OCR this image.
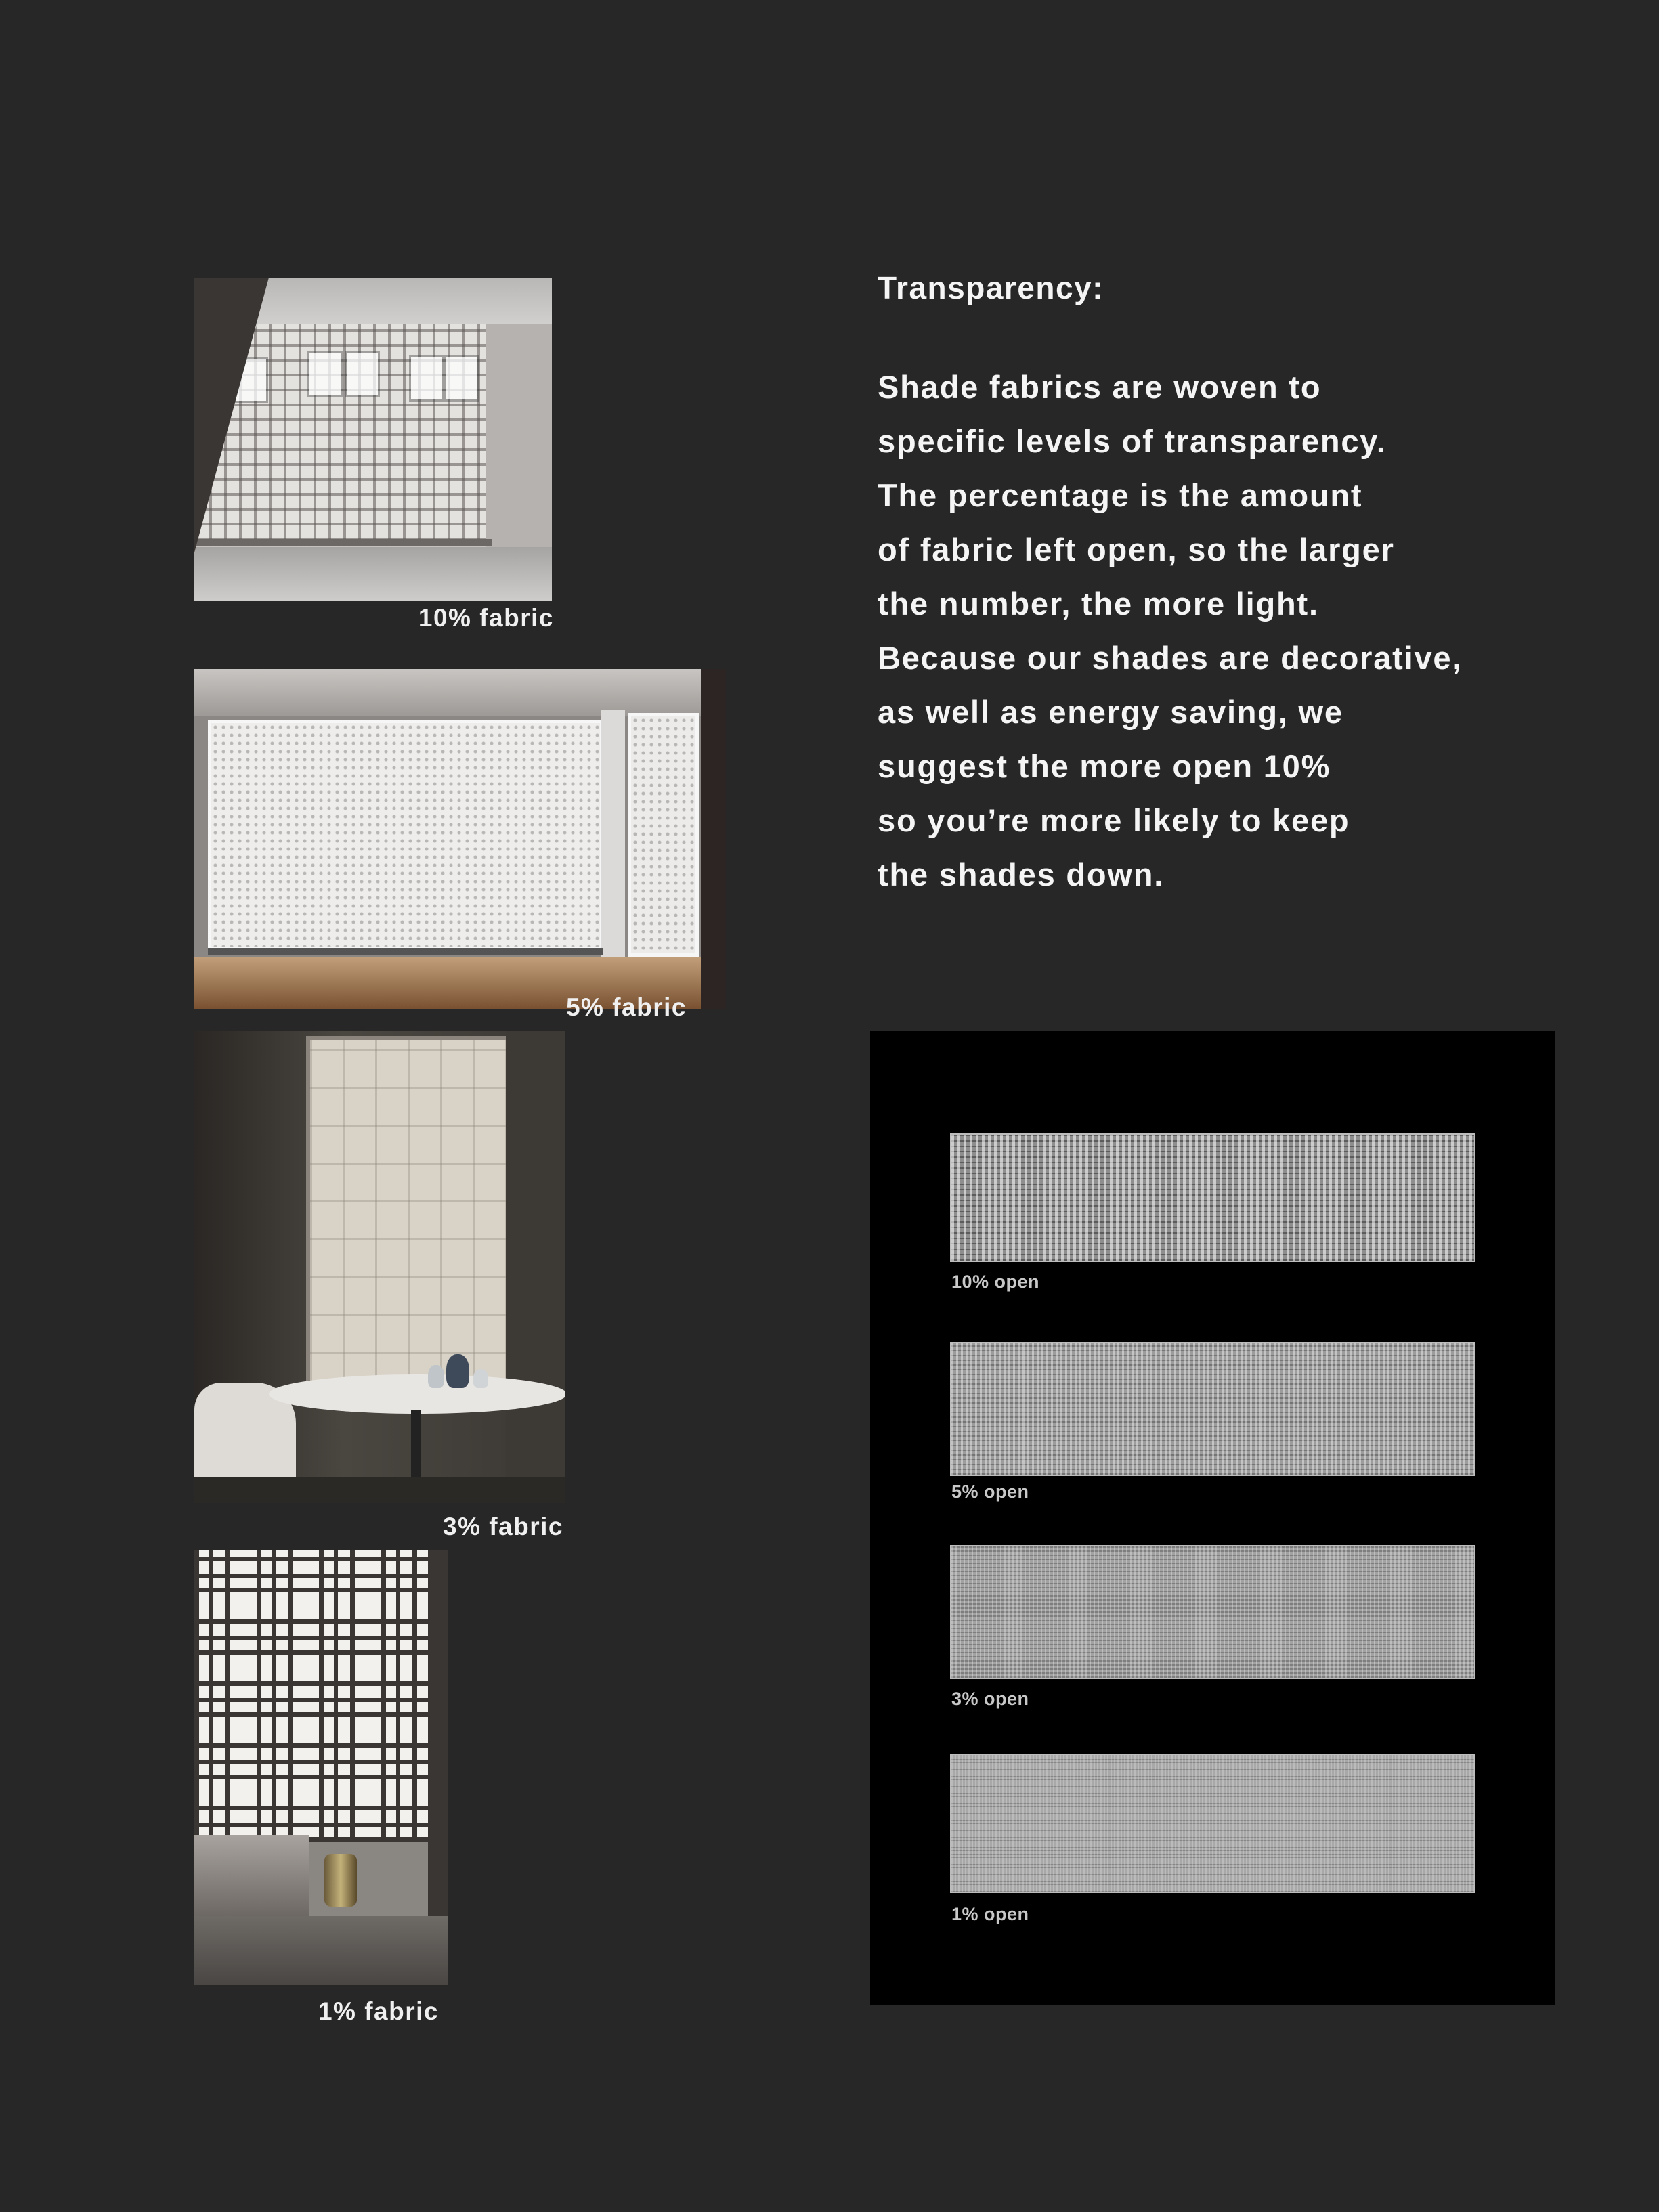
10% fabric
5% fabric
3% fabric
1% fabric
Transparency:
Shade fabrics are woven to
specific levels of transparency.
The percentage is the amount
of fabric left open, so the larger
the number, the more light.
Because our shades are decorative,
as well as energy saving, we
suggest the more open 10%
so you’re more likely to keep
the shades down.
10% open
5% open
3% open
1% open
